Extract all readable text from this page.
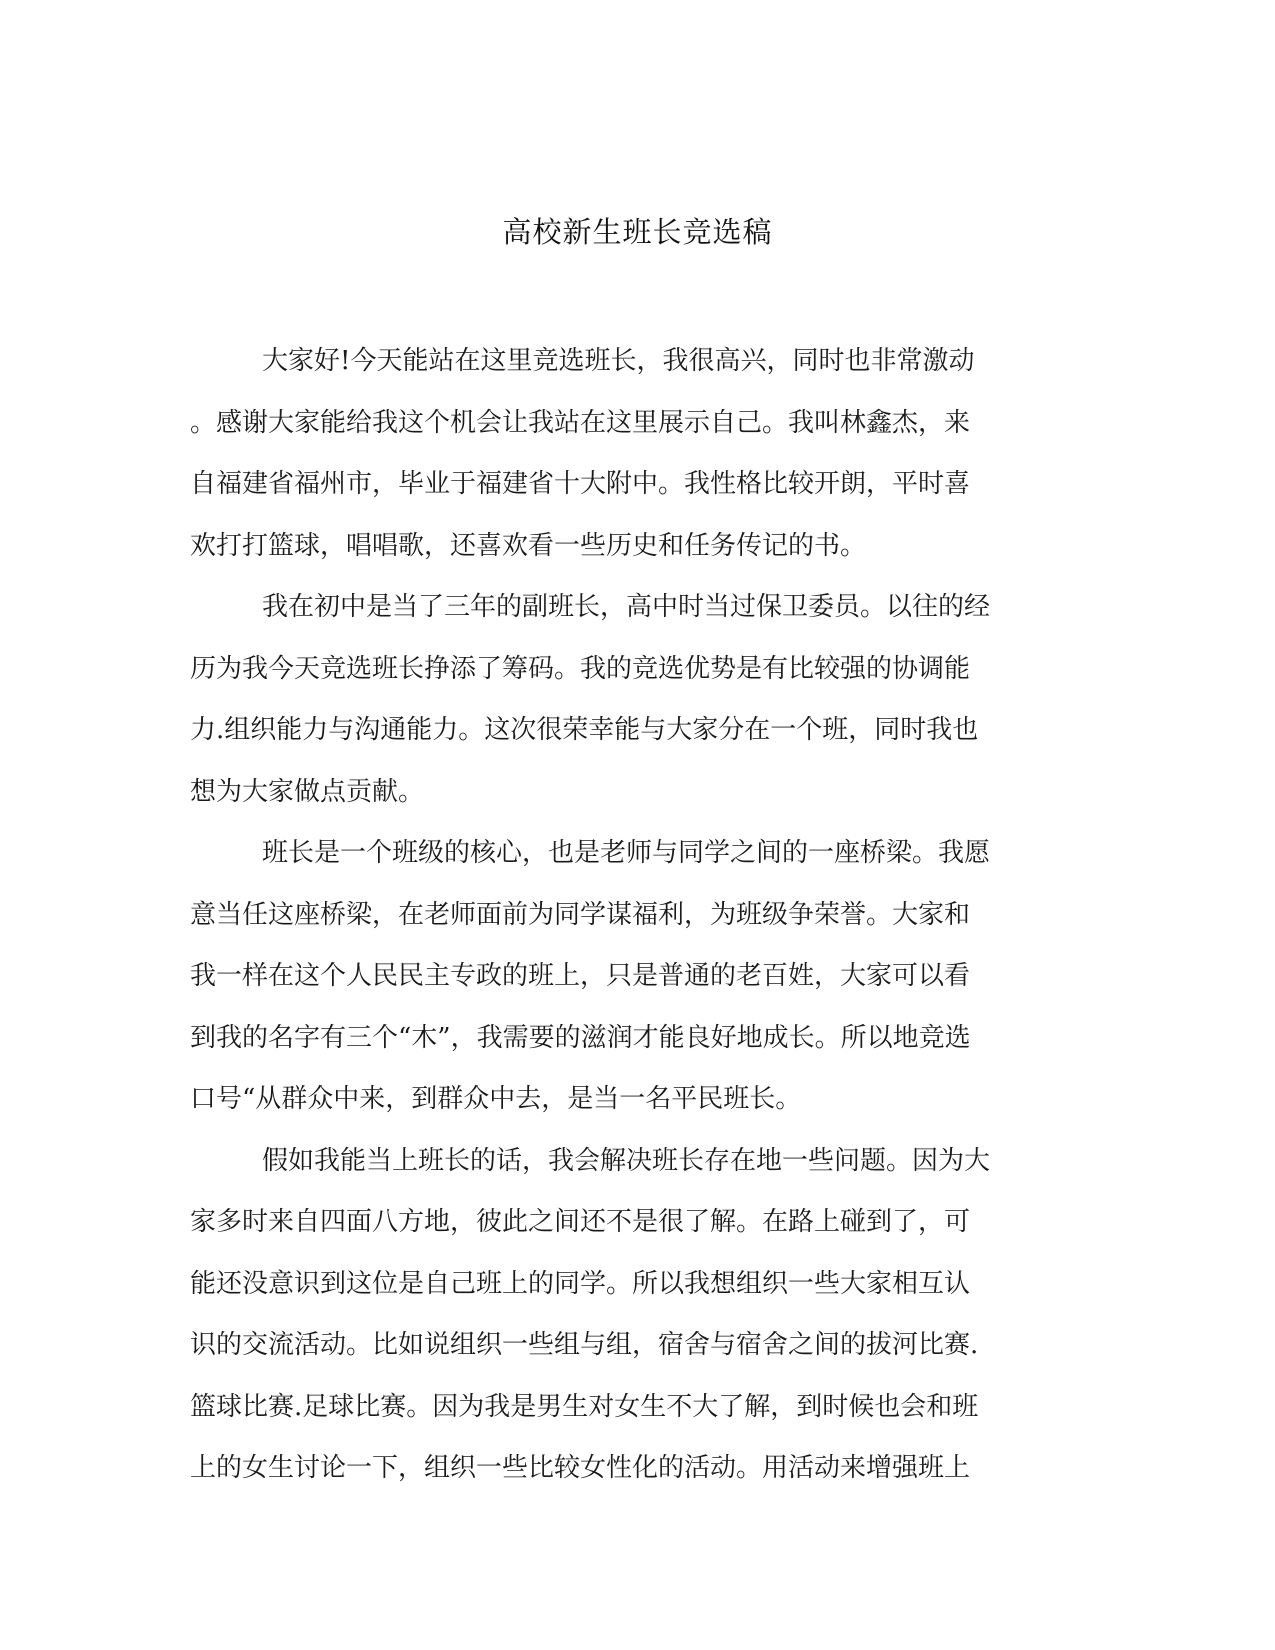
高校新生班长竞选稿
大家好!今天能站在这里竞选班长，我很高兴，同时也非常激动
。感谢大家能给我这个机会让我站在这里展示自己。我叫林鑫杰，来
自福建省福州市，毕业于福建省十大附中。我性格比较开朗，平时喜
欢打打篮球，唱唱歌，还喜欢看一些历史和任务传记的书。
我在初中是当了三年的副班长，高中时当过保卫委员。以往的经
历为我今天竞选班长挣添了筹码。我的竞选优势是有比较强的协调能
力.组织能力与沟通能力。这次很荣幸能与大家分在一个班，同时我也
想为大家做点贡献。
班长是一个班级的核心，也是老师与同学之间的一座桥梁。我愿
意当任这座桥梁，在老师面前为同学谋福利，为班级争荣誉。大家和
我一样在这个人民民主专政的班上，只是普通的老百姓，大家可以看
到我的名字有三个“木”，我需要的滋润才能良好地成长。所以地竞选
口号“从群众中来，到群众中去，是当一名平民班长。
假如我能当上班长的话，我会解决班长存在地一些问题。因为大
家多时来自四面八方地，彼此之间还不是很了解。在路上碰到了，可
能还没意识到这位是自己班上的同学。所以我想组织一些大家相互认
识的交流活动。比如说组织一些组与组，宿舍与宿舍之间的拔河比赛.
篮球比赛.足球比赛。因为我是男生对女生不大了解，到时候也会和班
上的女生讨论一下，组织一些比较女性化的活动。用活动来增强班上
